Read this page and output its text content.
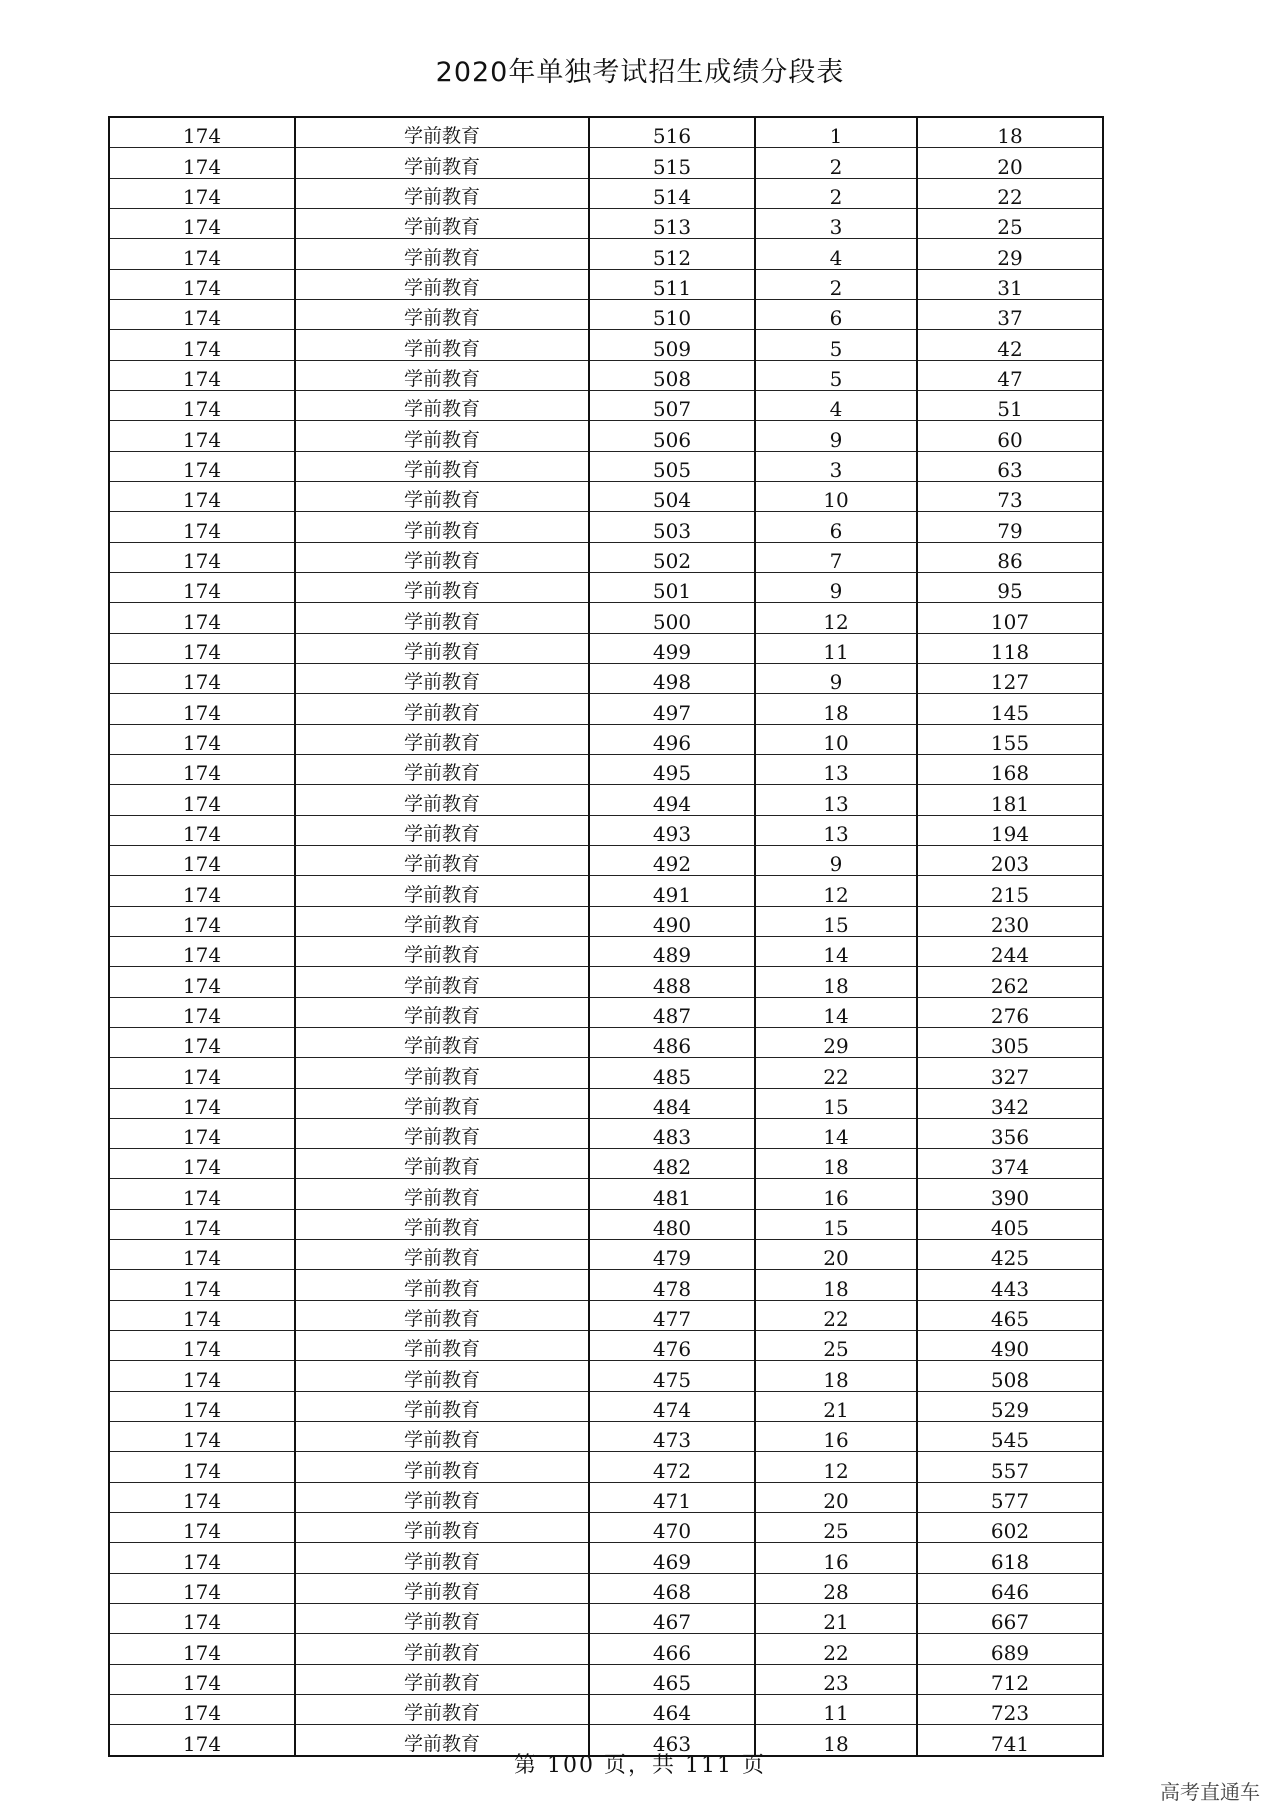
2020年单独考试招生成绩分段表
174	学前教育	516	1	18
174	学前教育	515	2	20
174	学前教育	514	2	22
174	学前教育	513	3	25
174	学前教育	512	4	29
174	学前教育	511	2	31
174	学前教育	510	6	37
174	学前教育	509	5	42
174	学前教育	508	5	47
174	学前教育	507	4	51
174	学前教育	506	9	60
174	学前教育	505	3	63
174	学前教育	504	10	73
174	学前教育	503	6	79
174	学前教育	502	7	86
174	学前教育	501	9	95
174	学前教育	500	12	107
174	学前教育	499	11	118
174	学前教育	498	9	127
174	学前教育	497	18	145
174	学前教育	496	10	155
174	学前教育	495	13	168
174	学前教育	494	13	181
174	学前教育	493	13	194
174	学前教育	492	9	203
174	学前教育	491	12	215
174	学前教育	490	15	230
174	学前教育	489	14	244
174	学前教育	488	18	262
174	学前教育	487	14	276
174	学前教育	486	29	305
174	学前教育	485	22	327
174	学前教育	484	15	342
174	学前教育	483	14	356
174	学前教育	482	18	374
174	学前教育	481	16	390
174	学前教育	480	15	405
174	学前教育	479	20	425
174	学前教育	478	18	443
174	学前教育	477	22	465
174	学前教育	476	25	490
174	学前教育	475	18	508
174	学前教育	474	21	529
174	学前教育	473	16	545
174	学前教育	472	12	557
174	学前教育	471	20	577
174	学前教育	470	25	602
174	学前教育	469	16	618
174	学前教育	468	28	646
174	学前教育	467	21	667
174	学前教育	466	22	689
174	学前教育	465	23	712
174	学前教育	464	11	723
174	学前教育	463	18	741
第 100 页，共 111 页
高考直通车
